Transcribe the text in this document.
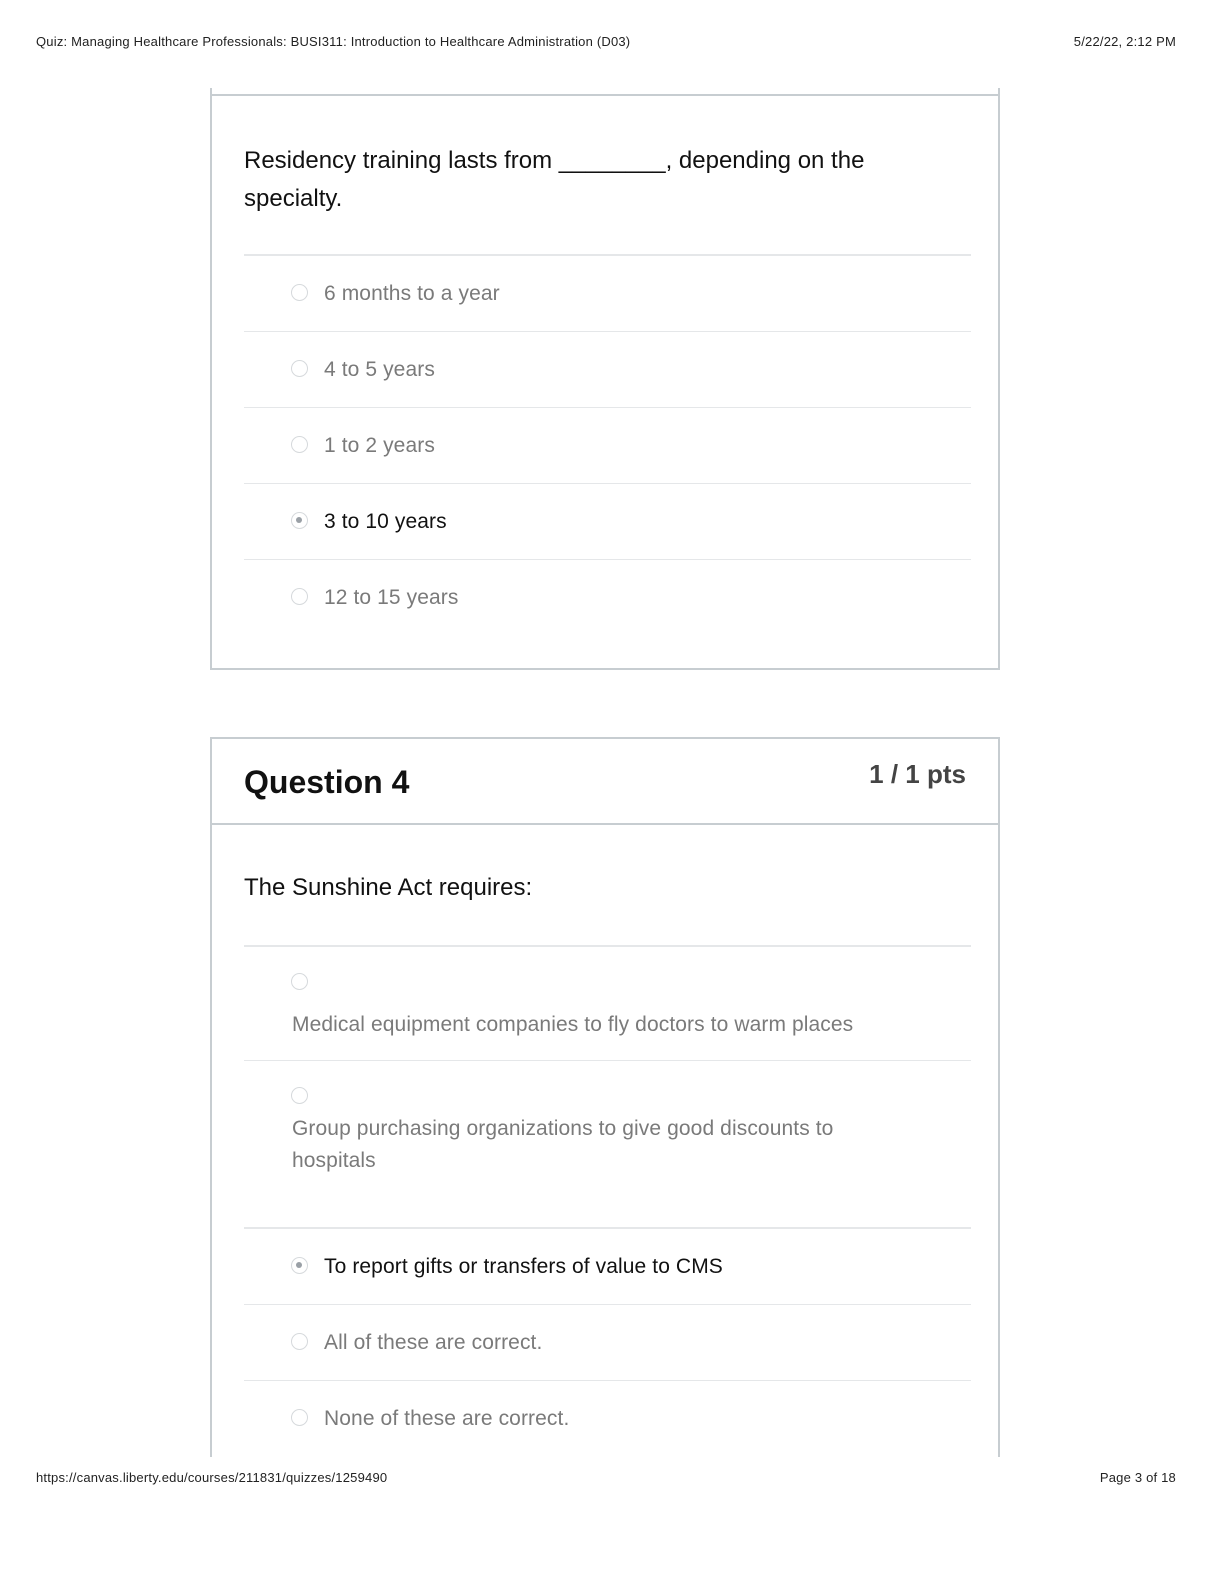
Quiz: Managing Healthcare Professionals: BUSI311: Introduction to Healthcare Administration (D03)	5/22/22, 2:12 PM
Residency training lasts from ________, depending on the specialty.
6 months to a year
4 to 5 years
1 to 2 years
3 to 10 years
12 to 15 years
Question 4	1 / 1 pts
The Sunshine Act requires:
Medical equipment companies to fly doctors to warm places
Group purchasing organizations to give good discounts to hospitals
To report gifts or transfers of value to CMS
All of these are correct.
None of these are correct.
https://canvas.liberty.edu/courses/211831/quizzes/1259490	Page 3 of 18
